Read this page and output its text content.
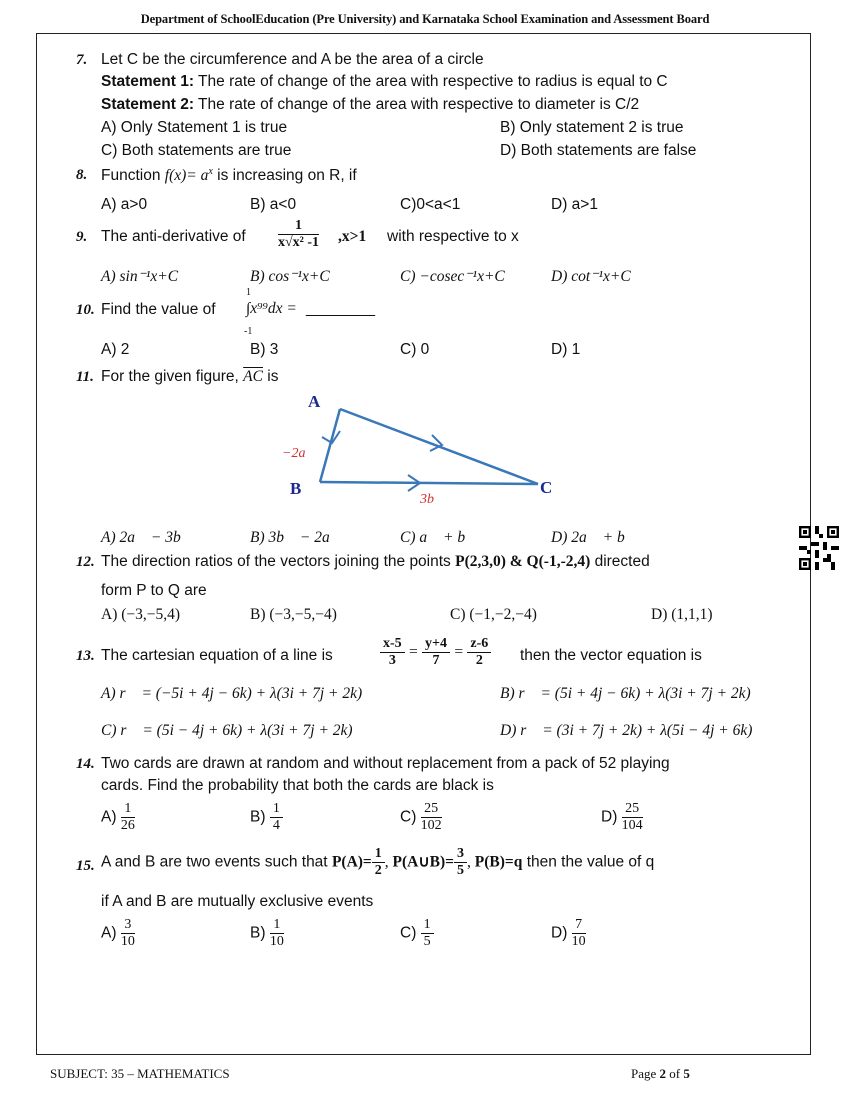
Department of SchoolEducation (Pre University) and Karnataka School Examination and Assessment Board
7. Let C be the circumference and A be the area of a circle
Statement 1: The rate of change of the area with respective to radius is equal to C
Statement 2: The rate of change of the area with respective to diameter is C/2
A) Only Statement 1 is true	B) Only statement 2 is true
C) Both statements are true	D) Both statements are false
8. Function $f(x)= a^x$ is increasing on R, if
A) a>0	B) a<0	C)0<a<1	D) a>1
9. The anti-derivative of $\frac{1}{\text{x√x² -1}} ,x>1$ with respective to x
A) sin⁻¹x+C	B) cos⁻¹x+C	C) −cosec⁻¹x+C	D) cot⁻¹x+C
10. Find the value of
1
-1
∫x⁹⁹dx = ________
A) 2	B) 3	C) 0	D) 1
11. For the given figure, $\overline{AC}$ is
A
B	C
−2a
3b
A) 2a⃗ − 3b⃗	B) 3b⃗ − 2a⃗	C) a⃗ + b⃗	D) 2a⃗ + b⃗
12. The direction ratios of the vectors joining the points P(2,3,0) & Q(-1,-2,4) directed
form P to Q are
A) (−3,−5,4)	B) (−3,−5,−4)	C) (−1,−2,−4)	D) (1,1,1)
13. The cartesian equation of a line is	$\frac{x-5}{3} = \frac{y+4}{7} = \frac{z-6}{2}$ then the vector equation is
A) r⃗ = (−5i + 4j − 6k) + λ(3i + 7j + 2k)	B) r⃗ = (5i + 4j − 6k) + λ(3i + 7j + 2k)
C) r⃗ = (5i − 4j + 6k) + λ(3i + 7j + 2k)	D) r⃗ = (3i + 7j + 2k) + λ(5i − 4j + 6k)
14. Two cards are drawn at random and without replacement from a pack of 52 playing
cards. Find the probability that both the cards are black is
$A) \frac{1}{26}$	$B) \frac{1}{4}$	$C) \frac{25}{102}$	$D) \frac{25}{104}$
15. A and B are two events such that $P(A)= \frac{1}{2}$ , P(A∪B)= $\frac{3}{5}$ , P(B)=q then the value of q
if A and B are mutually exclusive events
$A) \frac{3}{10}$	$B) \frac{1}{10}$	$C) \frac{1}{5}$	$D) \frac{7}{10}$
SUBJECT: 35 – MATHEMATICS	Page 2 of 5
